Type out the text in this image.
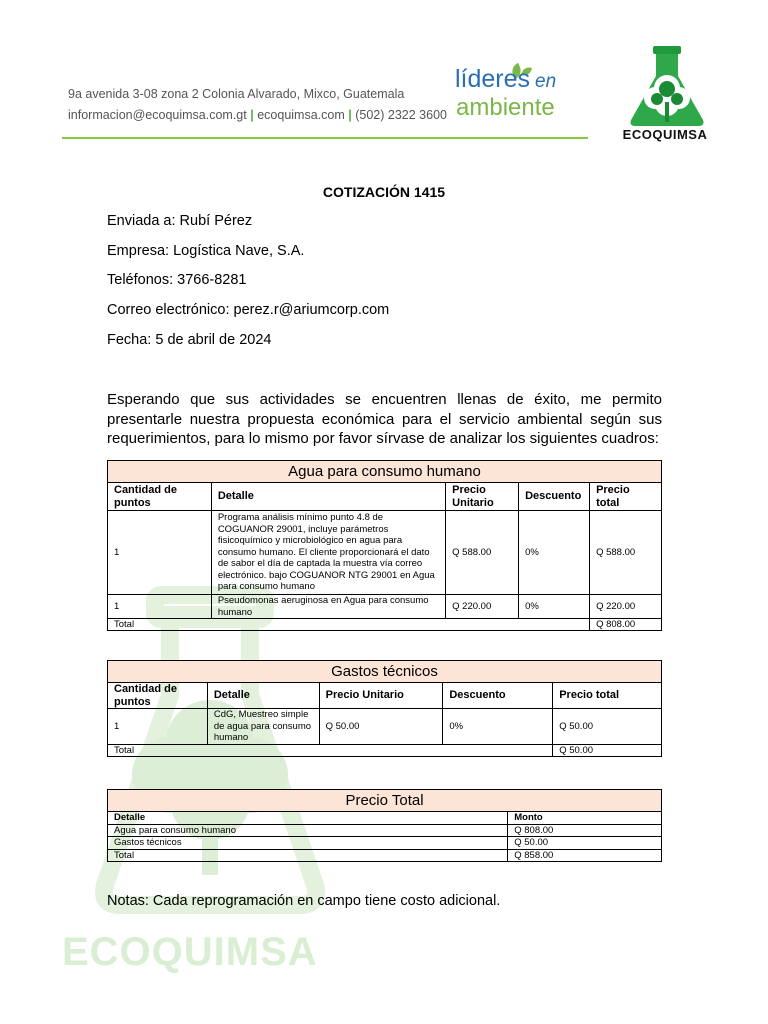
ECOQUIMSA
9a avenida 3-08 zona 2 Colonia Alvarado, Mixco, Guatemala
informacion@ecoquimsa.com.gt | ecoquimsa.com | (502) 2322 3600
líderes en
ambiente
ECOQUIMSA
COTIZACIÓN 1415
Enviada a: Rubí Pérez
Empresa: Logística Nave, S.A.
Teléfonos: 3766-8281
Correo electrónico: perez.r@ariumcorp.com
Fecha: 5 de abril de 2024
Esperando que sus actividades se encuentren llenas de éxito, me permito presentarle nuestra propuesta económica para el servicio ambiental según sus requerimientos, para lo mismo por favor sírvase de analizar los siguientes cuadros:
Agua para consumo humano				
Cantidad de puntos	Detalle	Precio Unitario	Descuento	Precio total
1	Programa análisis mínimo punto 4.8 de COGUANOR 29001, incluye parámetros fisicoquímico y microbiológico en agua para consumo humano. El cliente proporcionará el dato de sabor el día de captada la muestra vía correo electrónico. bajo COGUANOR NTG 29001 en Agua para consumo humano	Q 588.00	0%	Q 588.00
1	Pseudomonas aeruginosa en Agua para consumo humano	Q 220.00	0%	Q 220.00
Total				Q 808.00
Gastos técnicos				
Cantidad de puntos	Detalle	Precio Unitario	Descuento	Precio total
1	CdG, Muestreo simple de agua para consumo humano	Q 50.00	0%	Q 50.00
Total				Q 50.00
Precio Total	
Detalle	Monto
Agua para consumo humano	Q 808.00
Gastos técnicos	Q 50.00
Total	Q 858.00
Notas: Cada reprogramación en campo tiene costo adicional.
